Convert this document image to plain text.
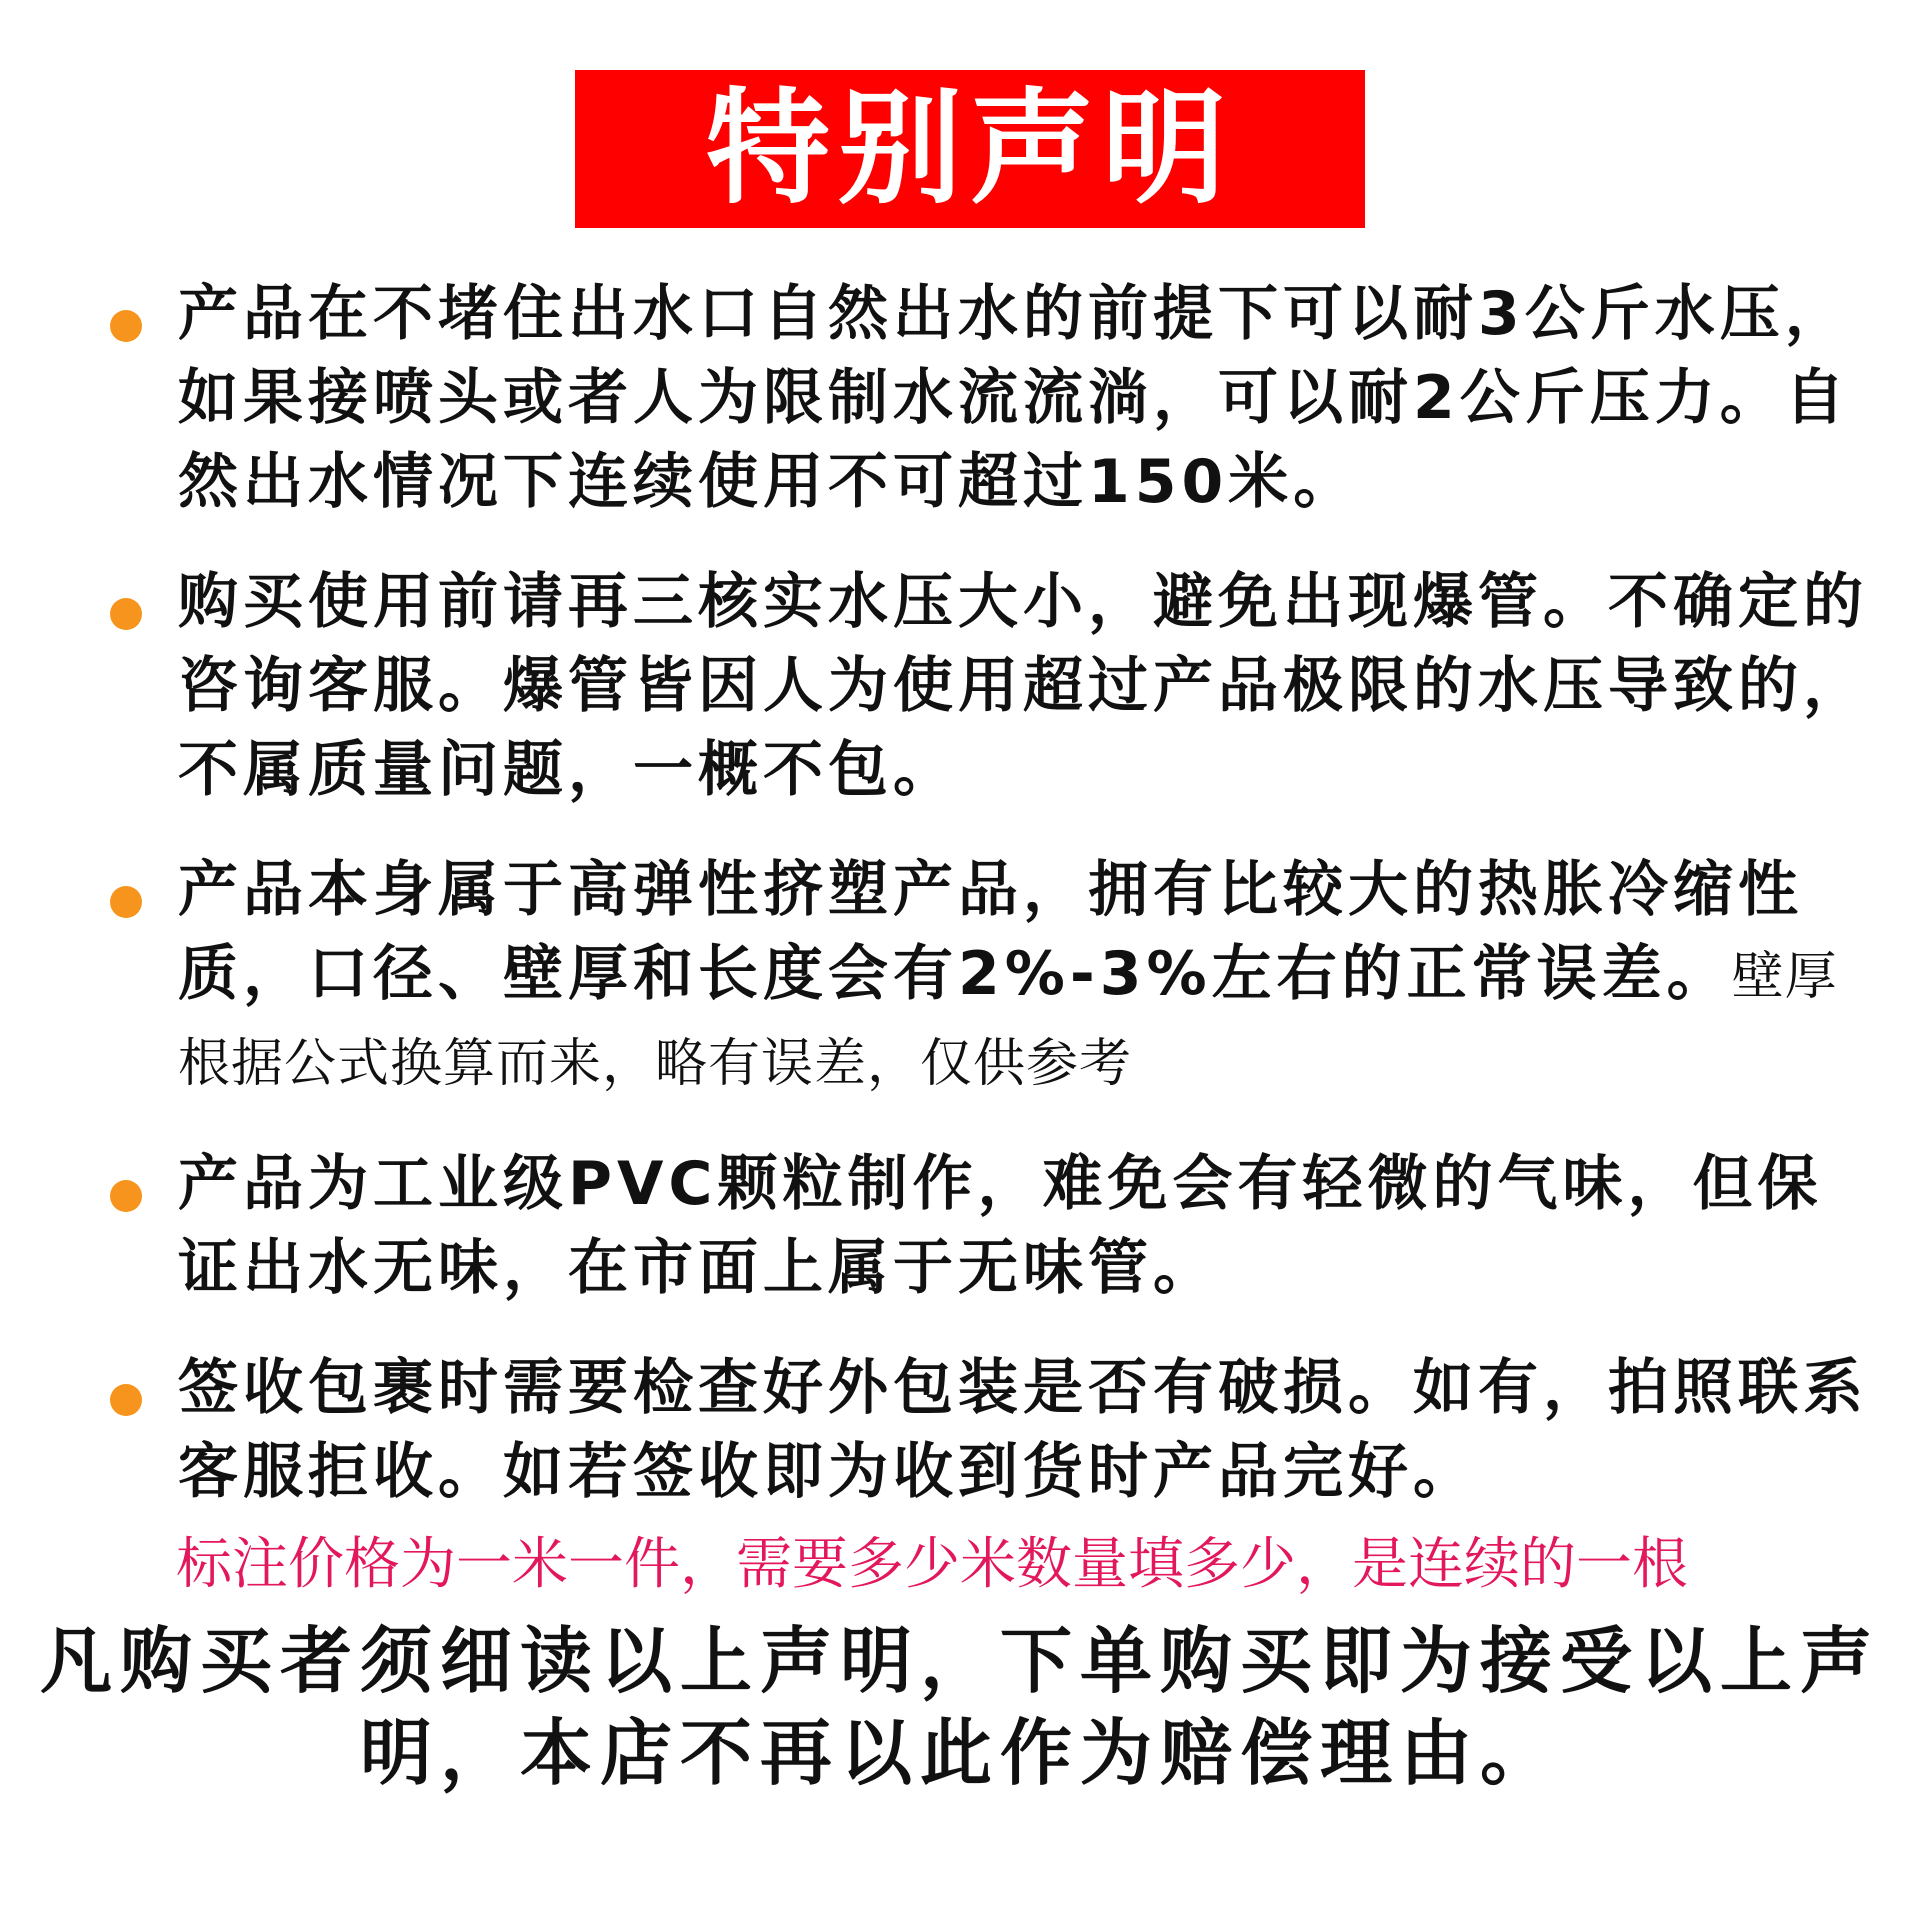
特别声明
产品在不堵住出水口自然出水的前提下可以耐3公斤水压，如果接喷头或者人为限制水流流淌，可以耐2公斤压力。自然出水情况下连续使用不可超过150米。
购买使用前请再三核实水压大小，避免出现爆管。不确定的咨询客服。爆管皆因人为使用超过产品极限的水压导致的，不属质量问题，一概不包。
产品本身属于高弹性挤塑产品，拥有比较大的热胀冷缩性质，口径、壁厚和长度会有2%-3%左右的正常误差。壁厚根据公式换算而来，略有误差，仅供参考
产品为工业级PVC颗粒制作，难免会有轻微的气味，但保证出水无味，在市面上属于无味管。
签收包裹时需要检查好外包装是否有破损。如有，拍照联系客服拒收。如若签收即为收到货时产品完好。
标注价格为一米一件，需要多少米数量填多少，是连续的一根
凡购买者须细读以上声明，下单购买即为接受以上声明，本店不再以此作为赔偿理由。
